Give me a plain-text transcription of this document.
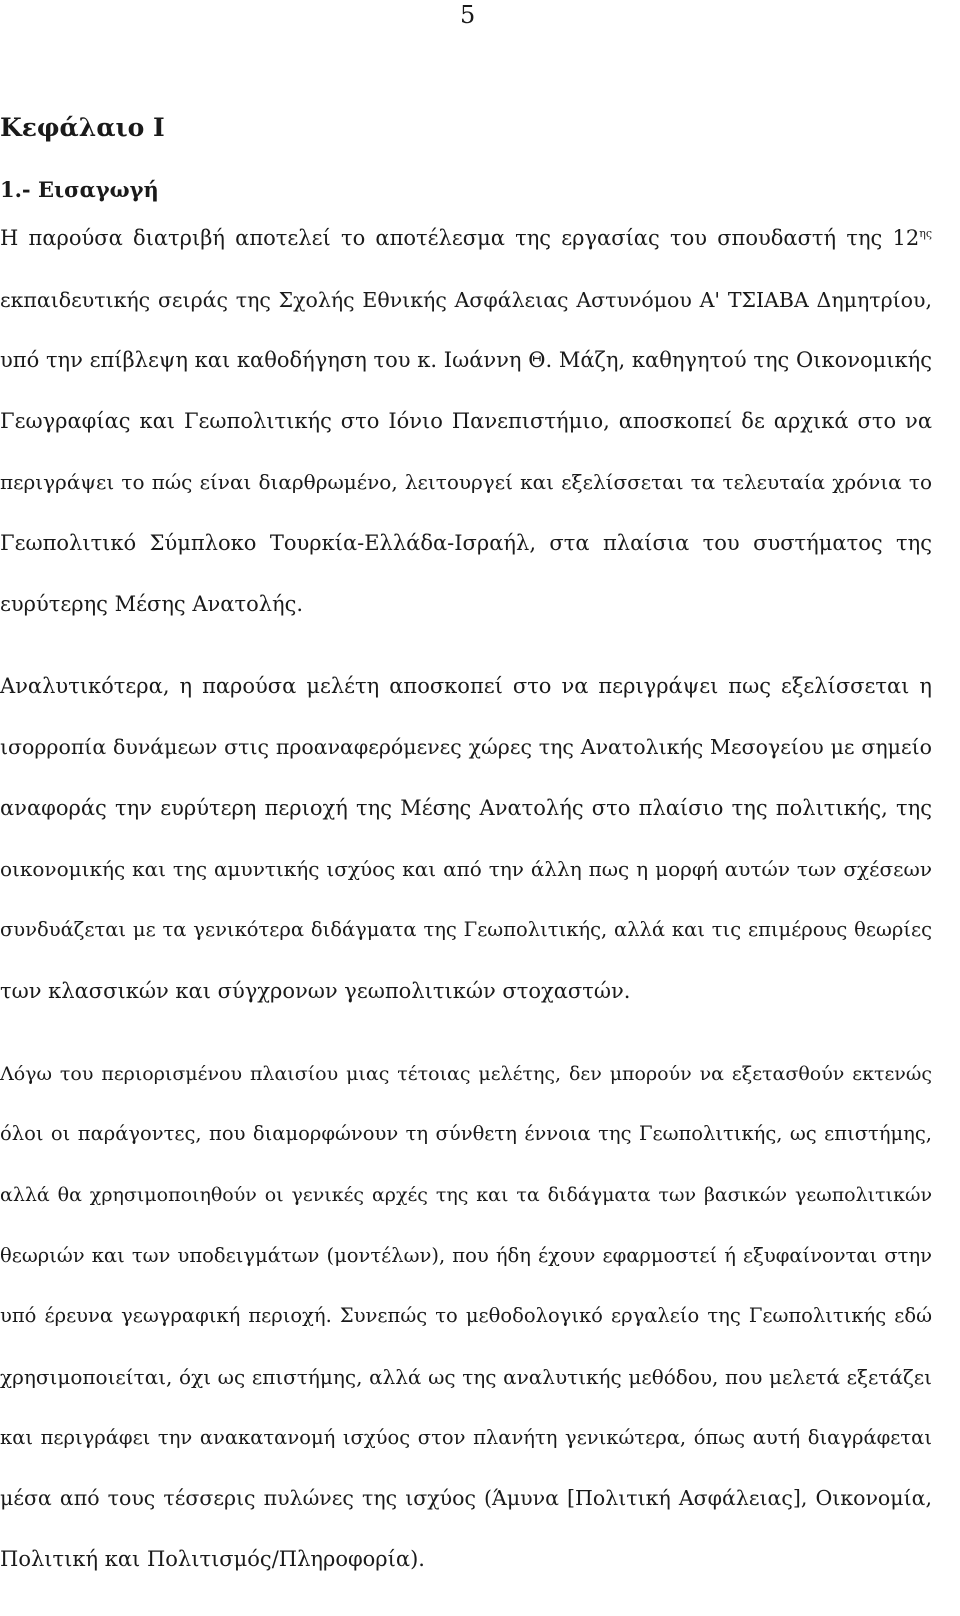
5
Κεφάλαιο Ι
1.- Εισαγωγή
Η παρούσα διατριβή αποτελεί το αποτέλεσμα της εργασίας του σπουδαστή της $12^{\eta\varsigma}$
εκπαιδευτικής σειράς της Σχολής Εθνικής Ασφάλειας Αστυνόμου Α' ΤΣΙΑΒΑ Δημητρίου,
υπό την επίβλεψη και καθοδήγηση του κ. Ιωάννη Θ. Μάζη, καθηγητού της Οικονομικής
Γεωγραφίας και Γεωπολιτικής στο Ιόνιο Πανεπιστήμιο, αποσκοπεί δε αρχικά στο να
περιγράψει το πώς είναι διαρθρωμένο, λειτουργεί και εξελίσσεται τα τελευταία χρόνια το
Γεωπολιτικό Σύμπλοκο Τουρκία-Ελλάδα-Ισραήλ, στα πλαίσια του συστήματος της
ευρύτερης Μέσης Ανατολής.
Αναλυτικότερα, η παρούσα μελέτη αποσκοπεί στο να περιγράψει πως εξελίσσεται η
ισορροπία δυνάμεων στις προαναφερόμενες χώρες της Ανατολικής Μεσογείου με σημείο
αναφοράς την ευρύτερη περιοχή της Μέσης Ανατολής στο πλαίσιο της πολιτικής, της
οικονομικής και της αμυντικής ισχύος και από την άλλη πως η μορφή αυτών των σχέσεων
συνδυάζεται με τα γενικότερα διδάγματα της Γεωπολιτικής, αλλά και τις επιμέρους θεωρίες
των κλασσικών και σύγχρονων γεωπολιτικών στοχαστών.
Λόγω του περιορισμένου πλαισίου μιας τέτοιας μελέτης, δεν μπορούν να εξετασθούν εκτενώς
όλοι οι παράγοντες, που διαμορφώνουν τη σύνθετη έννοια της Γεωπολιτικής, ως επιστήμης,
αλλά θα χρησιμοποιηθούν οι γενικές αρχές της και τα διδάγματα των βασικών γεωπολιτικών
θεωριών και των υποδειγμάτων (μοντέλων), που ήδη έχουν εφαρμοστεί ή εξυφαίνονται στην
υπό έρευνα γεωγραφική περιοχή. Συνεπώς το μεθοδολογικό εργαλείο της Γεωπολιτικής εδώ
χρησιμοποιείται, όχι ως επιστήμης, αλλά ως της αναλυτικής μεθόδου, που μελετά εξετάζει
και περιγράφει την ανακατανομή ισχύος στον πλανήτη γενικώτερα, όπως αυτή διαγράφεται
μέσα από τους τέσσερις πυλώνες της ισχύος (Άμυνα [Πολιτική Ασφάλειας], Οικονομία,
Πολιτική και Πολιτισμός/Πληροφορία).
